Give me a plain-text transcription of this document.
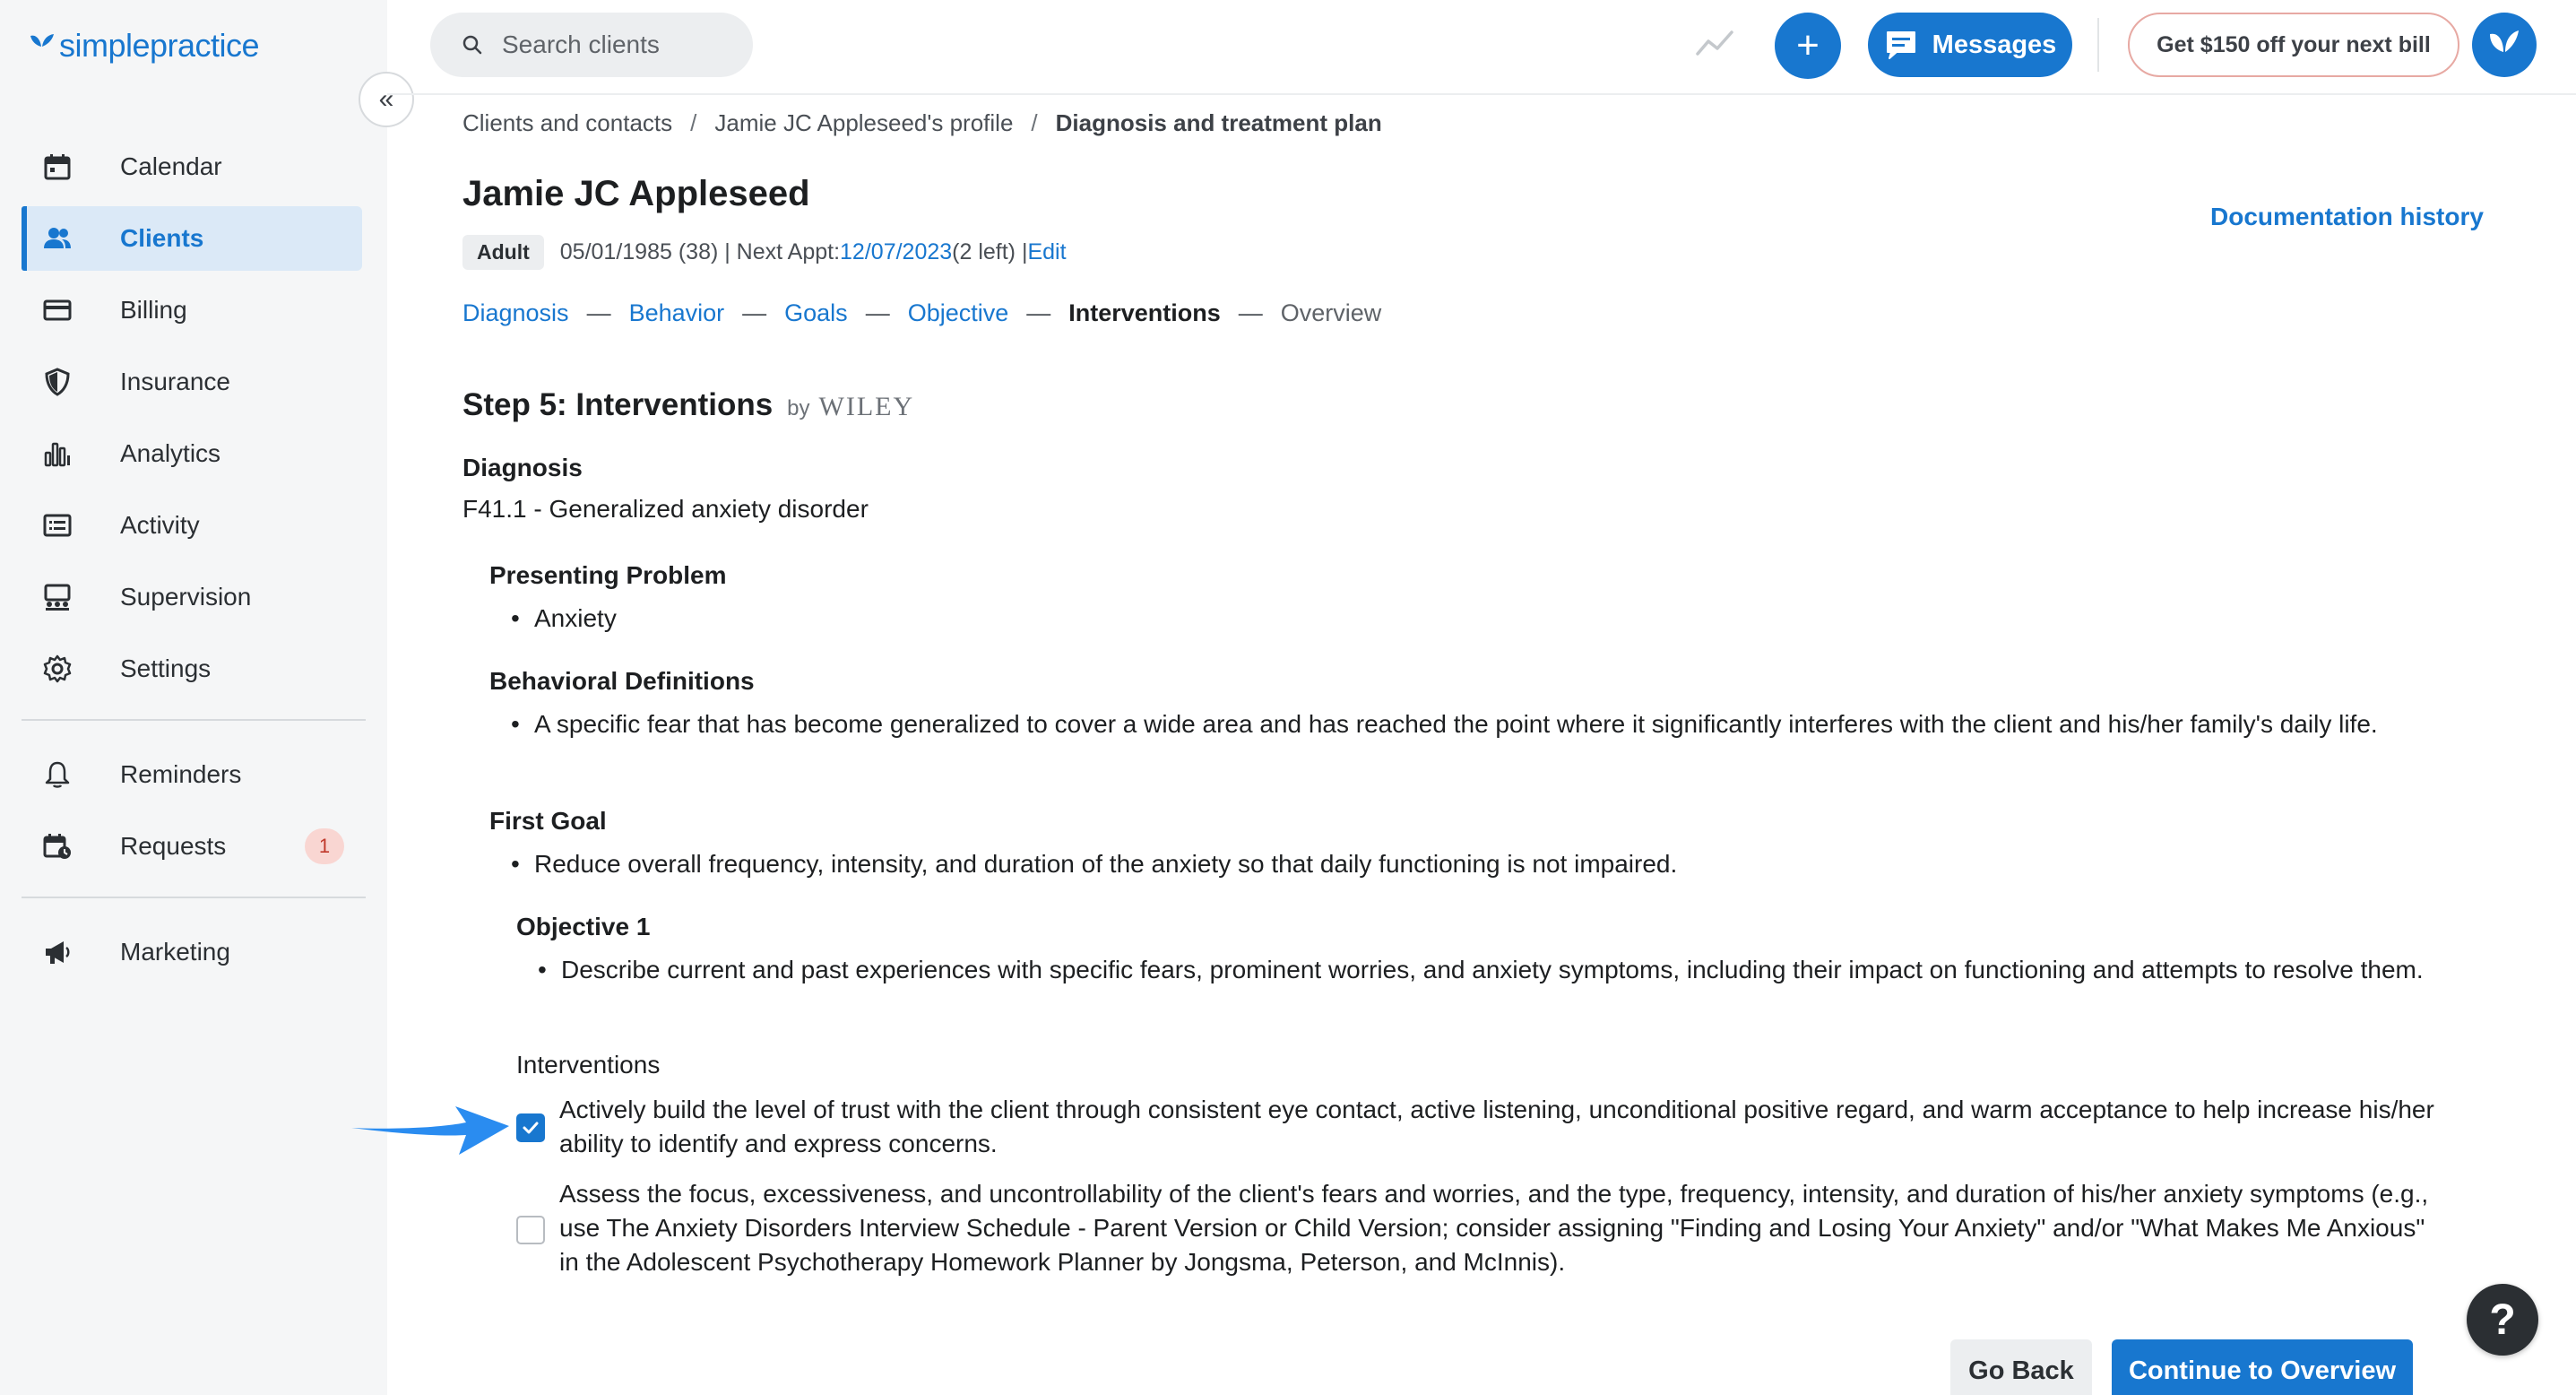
simplepractice
Calendar
Clients
Billing
Insurance
Analytics
Activity
Supervision
Settings
Reminders
Requests	1
Marketing
«
Search clients
+	Messages	Get $150 off your next bill
Clients and contacts / Jamie JC Appleseed's profile / Diagnosis and treatment plan
Jamie JC Appleseed
Documentation history
Adult	05/01/1985 (38) | Next Appt: 12/07/2023 (2 left) | Edit
Diagnosis — Behavior — Goals — Objective — Interventions — Overview
Step 5: Interventions by WILEY
Diagnosis
F41.1 - Generalized anxiety disorder
Presenting Problem
• Anxiety
Behavioral Definitions
• A specific fear that has become generalized to cover a wide area and has reached the point where it significantly interferes with the client and his/her family's daily life.
First Goal
• Reduce overall frequency, intensity, and duration of the anxiety so that daily functioning is not impaired.
Objective 1
• Describe current and past experiences with specific fears, prominent worries, and anxiety symptoms, including their impact on functioning and attempts to resolve them.
Interventions
Actively build the level of trust with the client through consistent eye contact, active listening, unconditional positive regard, and warm acceptance to help increase his/her ability to identify and express concerns.
Assess the focus, excessiveness, and uncontrollability of the client's fears and worries, and the type, frequency, intensity, and duration of his/her anxiety symptoms (e.g., use The Anxiety Disorders Interview Schedule - Parent Version or Child Version; consider assigning "Finding and Losing Your Anxiety" and/or "What Makes Me Anxious" in the Adolescent Psychotherapy Homework Planner by Jongsma, Peterson, and McInnis).
Go Back	Continue to Overview
?
